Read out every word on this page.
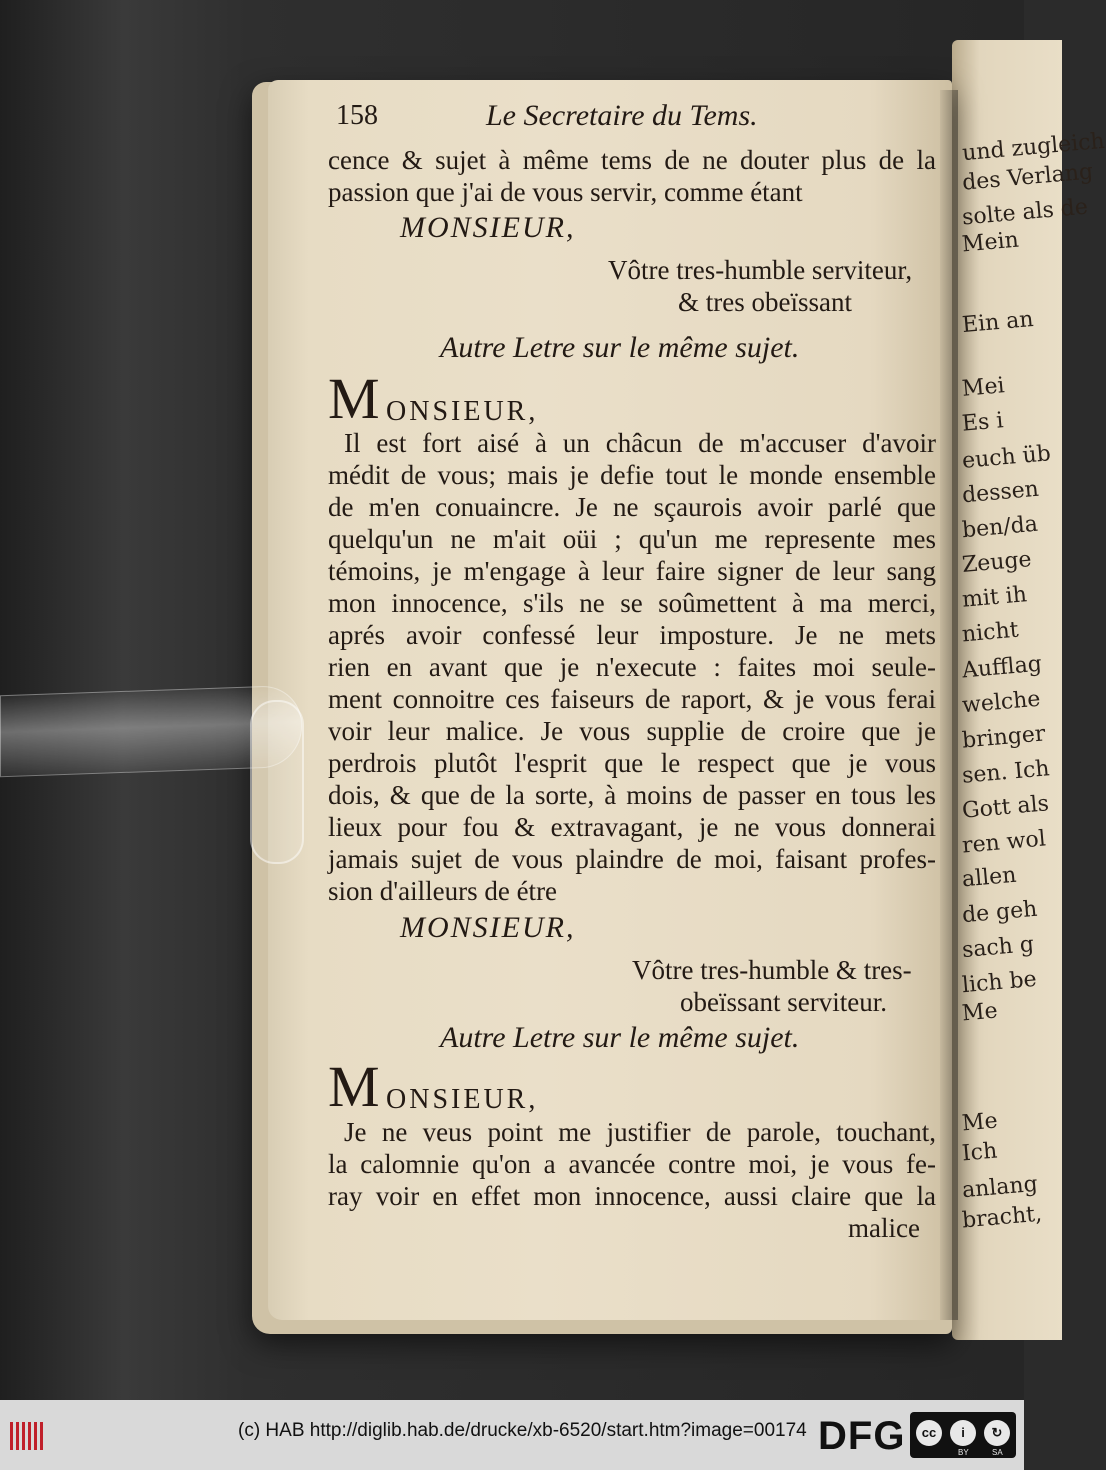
und zugleich
des Verlang
solte als de
Mein
Ein an
Mei
Es i
euch üb
dessen
ben/da
Zeuge
mit ih
nicht
Aufflag
welche
bringer
sen. Ich
Gott als
ren wol
allen
de geh
sach g
lich be
Me
Me
Ich
anlang
bracht,
158	Le Secretaire du Tems.
cence & sujet à même tems de ne douter plus de la
passion que j'ai de vous servir, comme étant
MONSIEUR,
Vôtre tres-humble serviteur,
& tres obeïssant
Autre Letre sur le même sujet.
M ONSIEUR,
Il est fort aisé à un châcun de m'accuser d'avoir
médit de vous; mais je defie tout le monde ensemble
de m'en conuaincre. Je ne sçaurois avoir parlé que
quelqu'un ne m'ait oüi ; qu'un me represente mes
témoins, je m'engage à leur faire signer de leur sang
mon innocence, s'ils ne se soûmettent à ma merci,
aprés avoir confessé leur imposture. Je ne mets
rien en avant que je n'execute : faites moi seule-
ment connoitre ces faiseurs de raport, & je vous ferai
voir leur malice. Je vous supplie de croire que je
perdrois plutôt l'esprit que le respect que je vous
dois, & que de la sorte, à moins de passer en tous les
lieux pour fou & extravagant, je ne vous donnerai
jamais sujet de vous plaindre de moi, faisant profes-
sion d'ailleurs de étre
MONSIEUR,
Vôtre tres-humble & tres-
obeïssant serviteur.
Autre Letre sur le même sujet.
M ONSIEUR,
Je ne veus point me justifier de parole, touchant,
la calomnie qu'on a avancée contre moi, je vous fe-
ray voir en effet mon innocence, aussi claire que la
malice
(c) HAB http://diglib.hab.de/drucke/xb-6520/start.htm?image=00174 DFG	cc	i	↻
BY	SA
